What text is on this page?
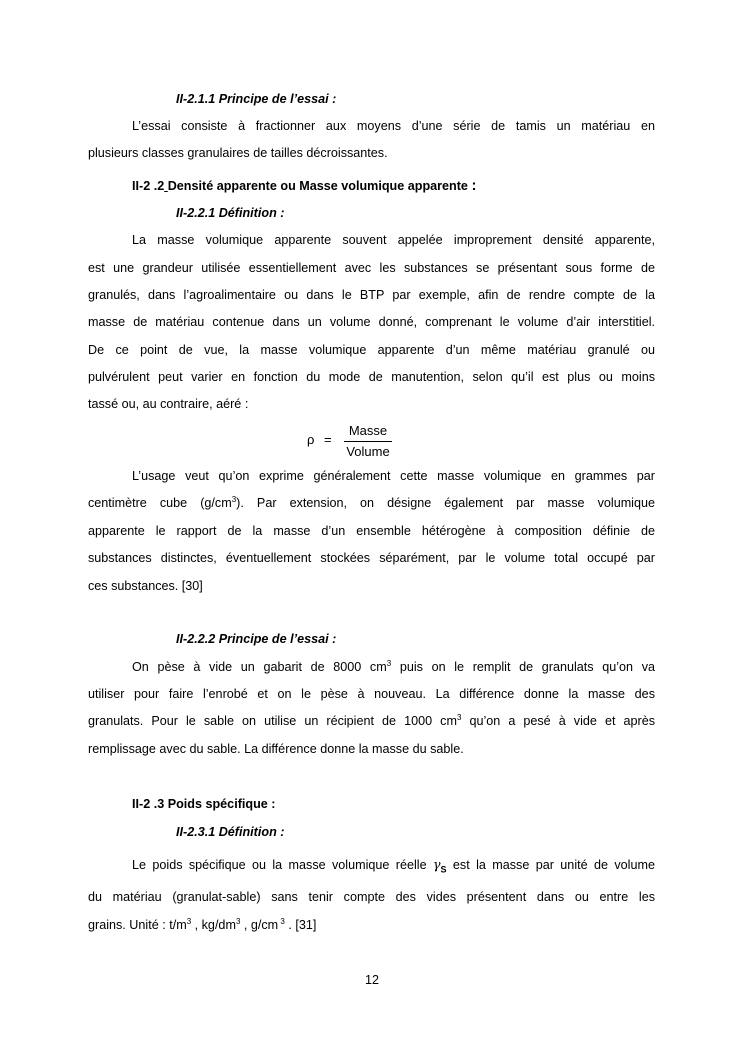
II-2.1.1 Principe de l’essai :
L’essai consiste à fractionner aux moyens d’une série de tamis un matériau en
plusieurs classes granulaires de tailles décroissantes.
II-2 .2 Densité apparente ou Masse volumique apparente :
II-2.2.1 Définition :
La masse volumique apparente souvent appelée improprement densité apparente,
est une grandeur utilisée essentiellement avec les substances se présentant sous forme de
granulés, dans l’agroalimentaire ou dans le BTP par exemple, afin de rendre compte de la
masse de matériau contenue dans un volume donné, comprenant le volume d’air interstitiel.
De ce point de vue, la masse volumique apparente d’un même matériau granulé ou
pulvérulent peut varier en fonction du mode de manutention, selon qu’il est plus ou moins
tassé ou, au contraire, aéré :
ρ =
Masse
Volume
L’usage veut qu’on exprime généralement cette masse volumique en grammes par
centimètre cube $(g/cm^3)$. Par extension, on désigne également par masse volumique
apparente le rapport de la masse d’un ensemble hétérogène à composition définie de
substances distinctes, éventuellement stockées séparément, par le volume total occupé par
ces substances. [30]
II-2.2.2 Principe de l’essai :
On pèse à vide un gabarit de 8000 $cm^3$ puis on le remplit de granulats qu’on va
utiliser pour faire l’enrobé et on le pèse à nouveau. La différence donne la masse des
granulats. Pour le sable on utilise un récipient de 1000 $cm^3$ qu’on a pesé à vide et après
remplissage avec du sable. La différence donne la masse du sable.
II-2 .3 Poids spécifique :
II-2.3.1 Définition :
Le poids spécifique ou la masse volumique réelle $\gamma_S$ est la masse par unité de volume
du matériau (granulat-sable) sans tenir compte des vides présentent dans ou entre les
grains. Unité : $t/m^3$ , $kg/dm^3$ , g/cm $^3$ . [31]
12
